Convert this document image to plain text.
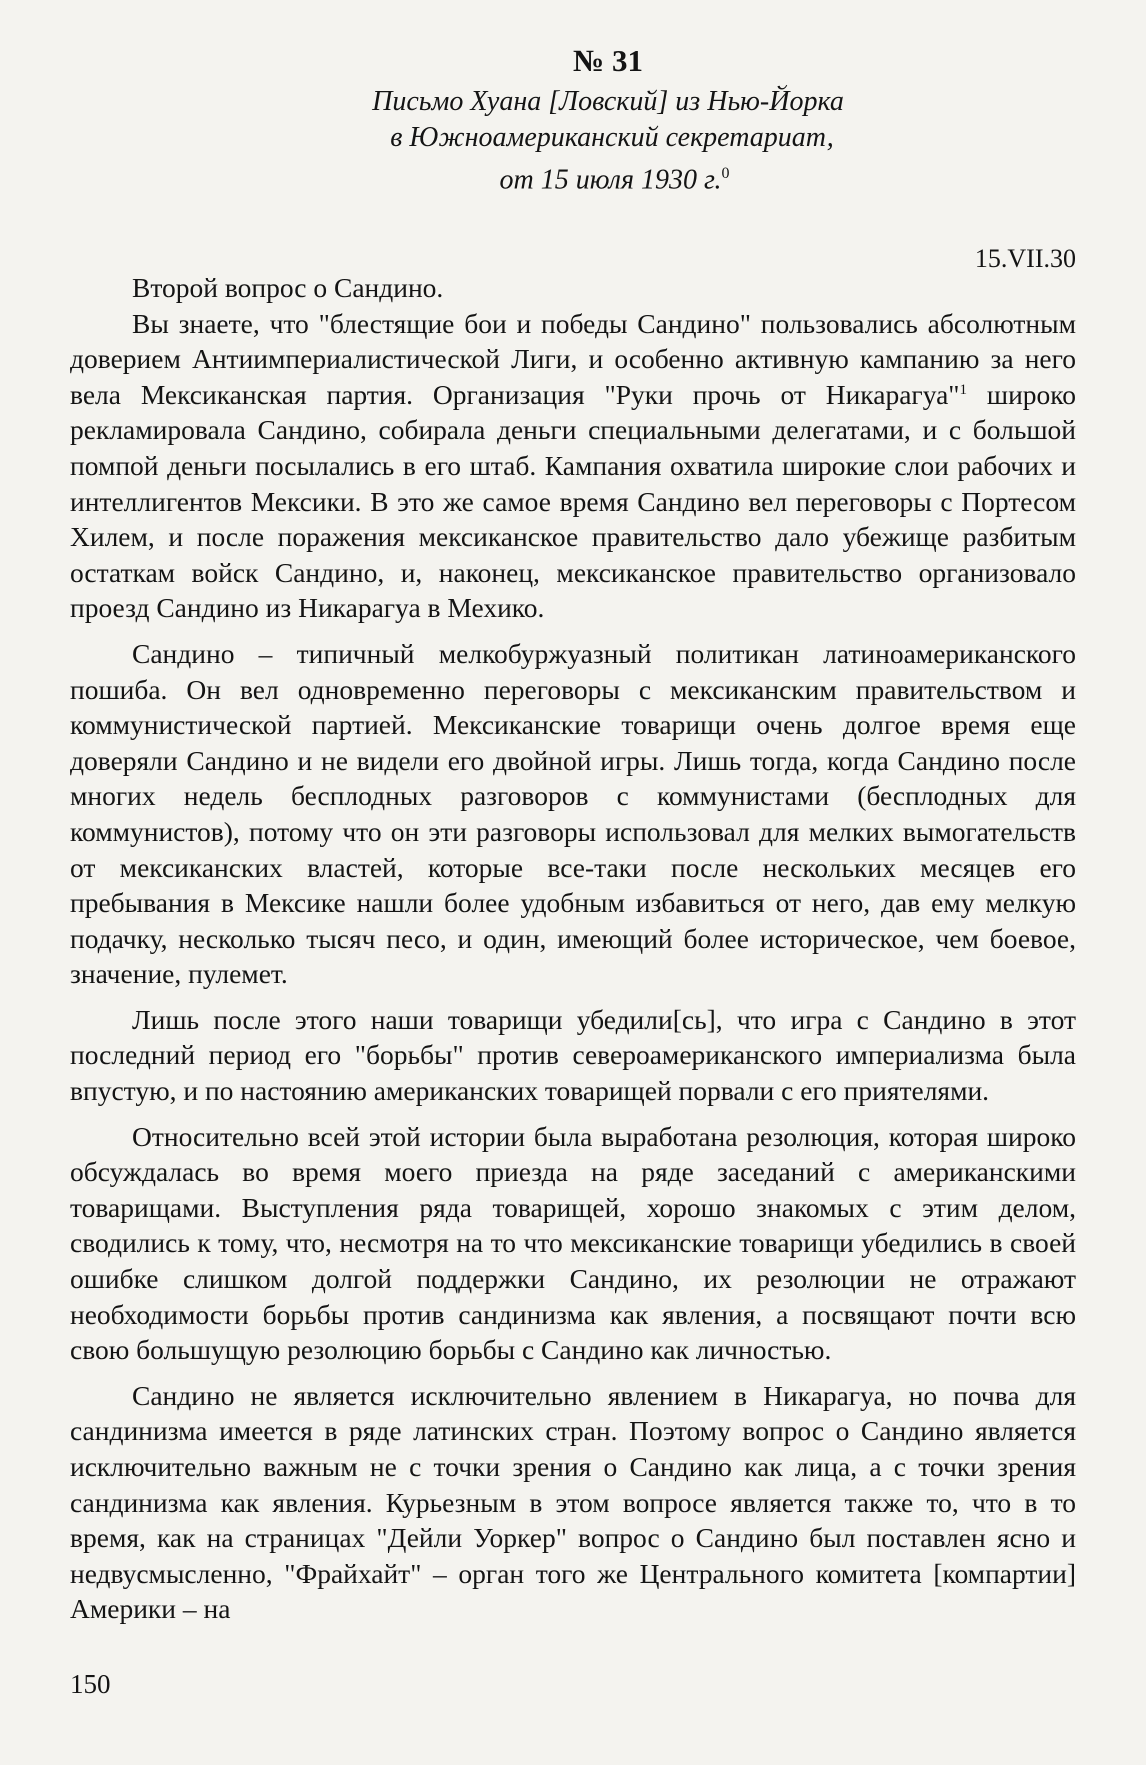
№ 31
Письмо Хуана [Ловский] из Нью-Йорка
в Южноамериканский секретариат,
от 15 июля 1930 г.$^0$
15.VII.30

Второй вопрос о Сандино.

Вы знаете, что "блестящие бои и победы Сандино" пользовались абсолютным доверием Антиимпериалистической Лиги, и особенно активную кампанию за него вела Мексиканская партия. Организация "Руки прочь от Никарагуа"$^1$ широко рекламировала Сандино, собирала деньги специальными делегатами, и с большой помпой деньги посылались в его штаб. Кампания охватила широкие слои рабочих и интеллигентов Мексики. В это же самое время Сандино вел переговоры с Портесом Хилем, и после поражения мексиканское правительство дало убежище разбитым остаткам войск Сандино, и, наконец, мексиканское правительство организовало проезд Сандино из Никарагуа в Мехико.

Сандино – типичный мелкобуржуазный политикан латиноамериканского пошиба. Он вел одновременно переговоры с мексиканским правительством и коммунистической партией. Мексиканские товарищи очень долгое время еще доверяли Сандино и не видели его двойной игры. Лишь тогда, когда Сандино после многих недель бесплодных разговоров с коммунистами (бесплодных для коммунистов), потому что он эти разговоры использовал для мелких вымогательств от мексиканских властей, которые все-таки после нескольких месяцев его пребывания в Мексике нашли более удобным избавиться от него, дав ему мелкую подачку, несколько тысяч песо, и один, имеющий более историческое, чем боевое, значение, пулемет.

Лишь после этого наши товарищи убедили[сь], что игра с Сандино в этот последний период его "борьбы" против североамериканского империализма была впустую, и по настоянию американских товарищей порвали с его приятелями.

Относительно всей этой истории была выработана резолюция, которая широко обсуждалась во время моего приезда на ряде заседаний с американскими товарищами. Выступления ряда товарищей, хорошо знакомых с этим делом, сводились к тому, что, несмотря на то что мексиканские товарищи убедились в своей ошибке слишком долгой поддержки Сандино, их резолюции не отражают необходимости борьбы против сандинизма как явления, а посвящают почти всю свою большущую резолюцию борьбы с Сандино как личностью.

Сандино не является исключительно явлением в Никарагуа, но почва для сандинизма имеется в ряде латинских стран. Поэтому вопрос о Сандино является исключительно важным не с точки зрения о Сандино как лица, а с точки зрения сандинизма как явления. Курьезным в этом вопросе является также то, что в то время, как на страницах "Дейли Уоркер" вопрос о Сандино был поставлен ясно и недвусмысленно, "Фрайхайт" – орган того же Центрального комитета [компартии] Америки – на

150
